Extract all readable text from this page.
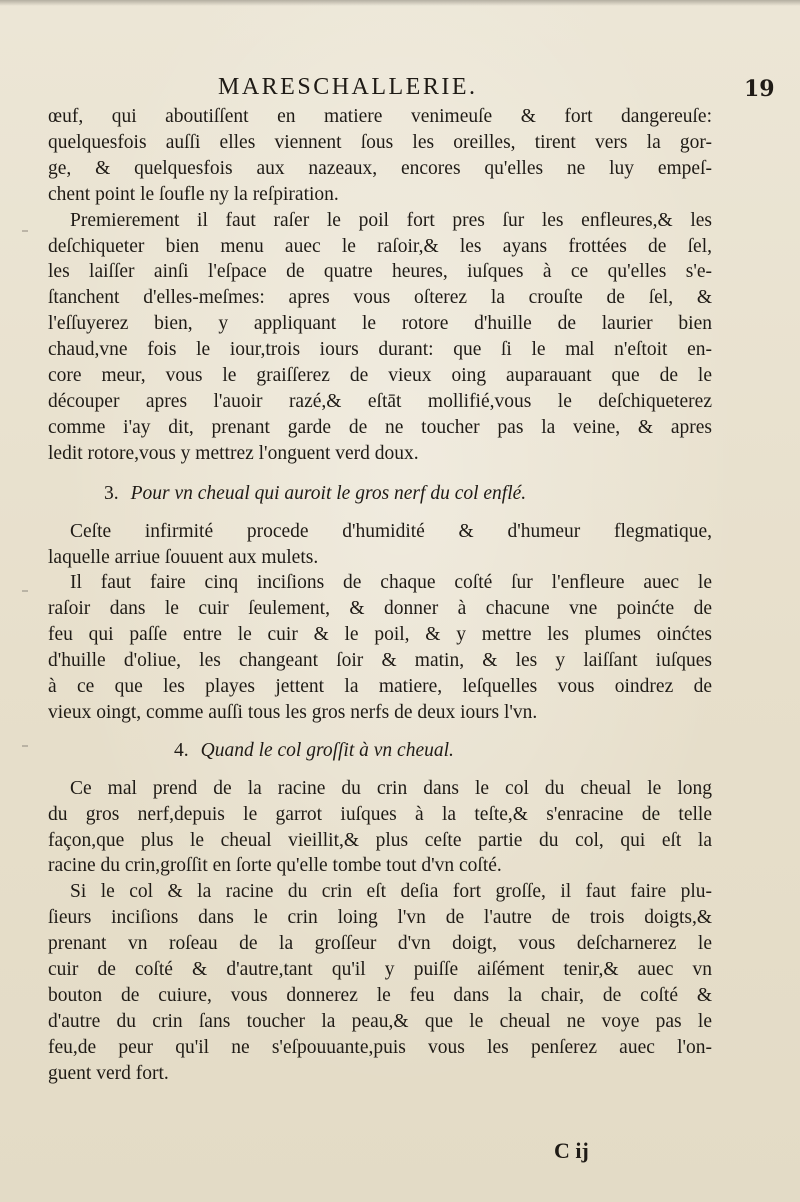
MARESCHALLERIE.	19

œuf, qui aboutiſſent en matiere venimeuſe & fort dangereuſe:
quelquesfois auſſi elles viennent ſous les oreilles, tirent vers la gor-
ge, & quelquesfois aux nazeaux, encores qu'elles ne luy empeſ-
chent point le ſoufle ny la reſpiration.

Premierement il faut raſer le poil fort pres ſur les enfleures,& les
deſchiqueter bien menu auec le raſoir,& les ayans frottées de ſel,
les laiſſer ainſi l'eſpace de quatre heures, iuſques à ce qu'elles s'e-
ſtanchent d'elles-meſmes: apres vous oſterez la crouſte de ſel, &
l'eſſuyerez bien, y appliquant le rotore d'huille de laurier bien
chaud,vne fois le iour,trois iours durant: que ſi le mal n'eſtoit en-
core meur, vous le graiſſerez de vieux oing auparauant que de le
découper apres l'auoir razé,& eſtāt mollifié,vous le deſchiqueterez
comme i'ay dit, prenant garde de ne toucher pas la veine, & apres
ledit rotore,vous y mettrez l'onguent verd doux.

3. Pour vn cheual qui auroit le gros nerf du col enflé.

Ceſte infirmité procede d'humidité & d'humeur flegmatique,
laquelle arriue ſouuent aux mulets.

Il faut faire cinq inciſions de chaque coſté ſur l'enfleure auec le
raſoir dans le cuir ſeulement, & donner à chacune vne poinćte de
feu qui paſſe entre le cuir & le poil, & y mettre les plumes oinćtes
d'huille d'oliue, les changeant ſoir & matin, & les y laiſſant iuſques
à ce que les playes jettent la matiere, leſquelles vous oindrez de
vieux oingt, comme auſſi tous les gros nerfs de deux iours l'vn.

4. Quand le col groſſit à vn cheual.

Ce mal prend de la racine du crin dans le col du cheual le long
du gros nerf,depuis le garrot iuſques à la teſte,& s'enracine de telle
façon,que plus le cheual vieillit,& plus ceſte partie du col, qui eſt la
racine du crin,groſſit en ſorte qu'elle tombe tout d'vn coſté.

Si le col & la racine du crin eſt deſia fort groſſe, il faut faire plu-
ſieurs inciſions dans le crin loing l'vn de l'autre de trois doigts,&
prenant vn roſeau de la groſſeur d'vn doigt, vous deſcharnerez le
cuir de coſté & d'autre,tant qu'il y puiſſe aiſément tenir,& auec vn
bouton de cuiure, vous donnerez le feu dans la chair, de coſté &
d'autre du crin ſans toucher la peau,& que le cheual ne voye pas le
feu,de peur qu'il ne s'eſpouuante,puis vous les penſerez auec l'on-
guent verd fort.

C ij
